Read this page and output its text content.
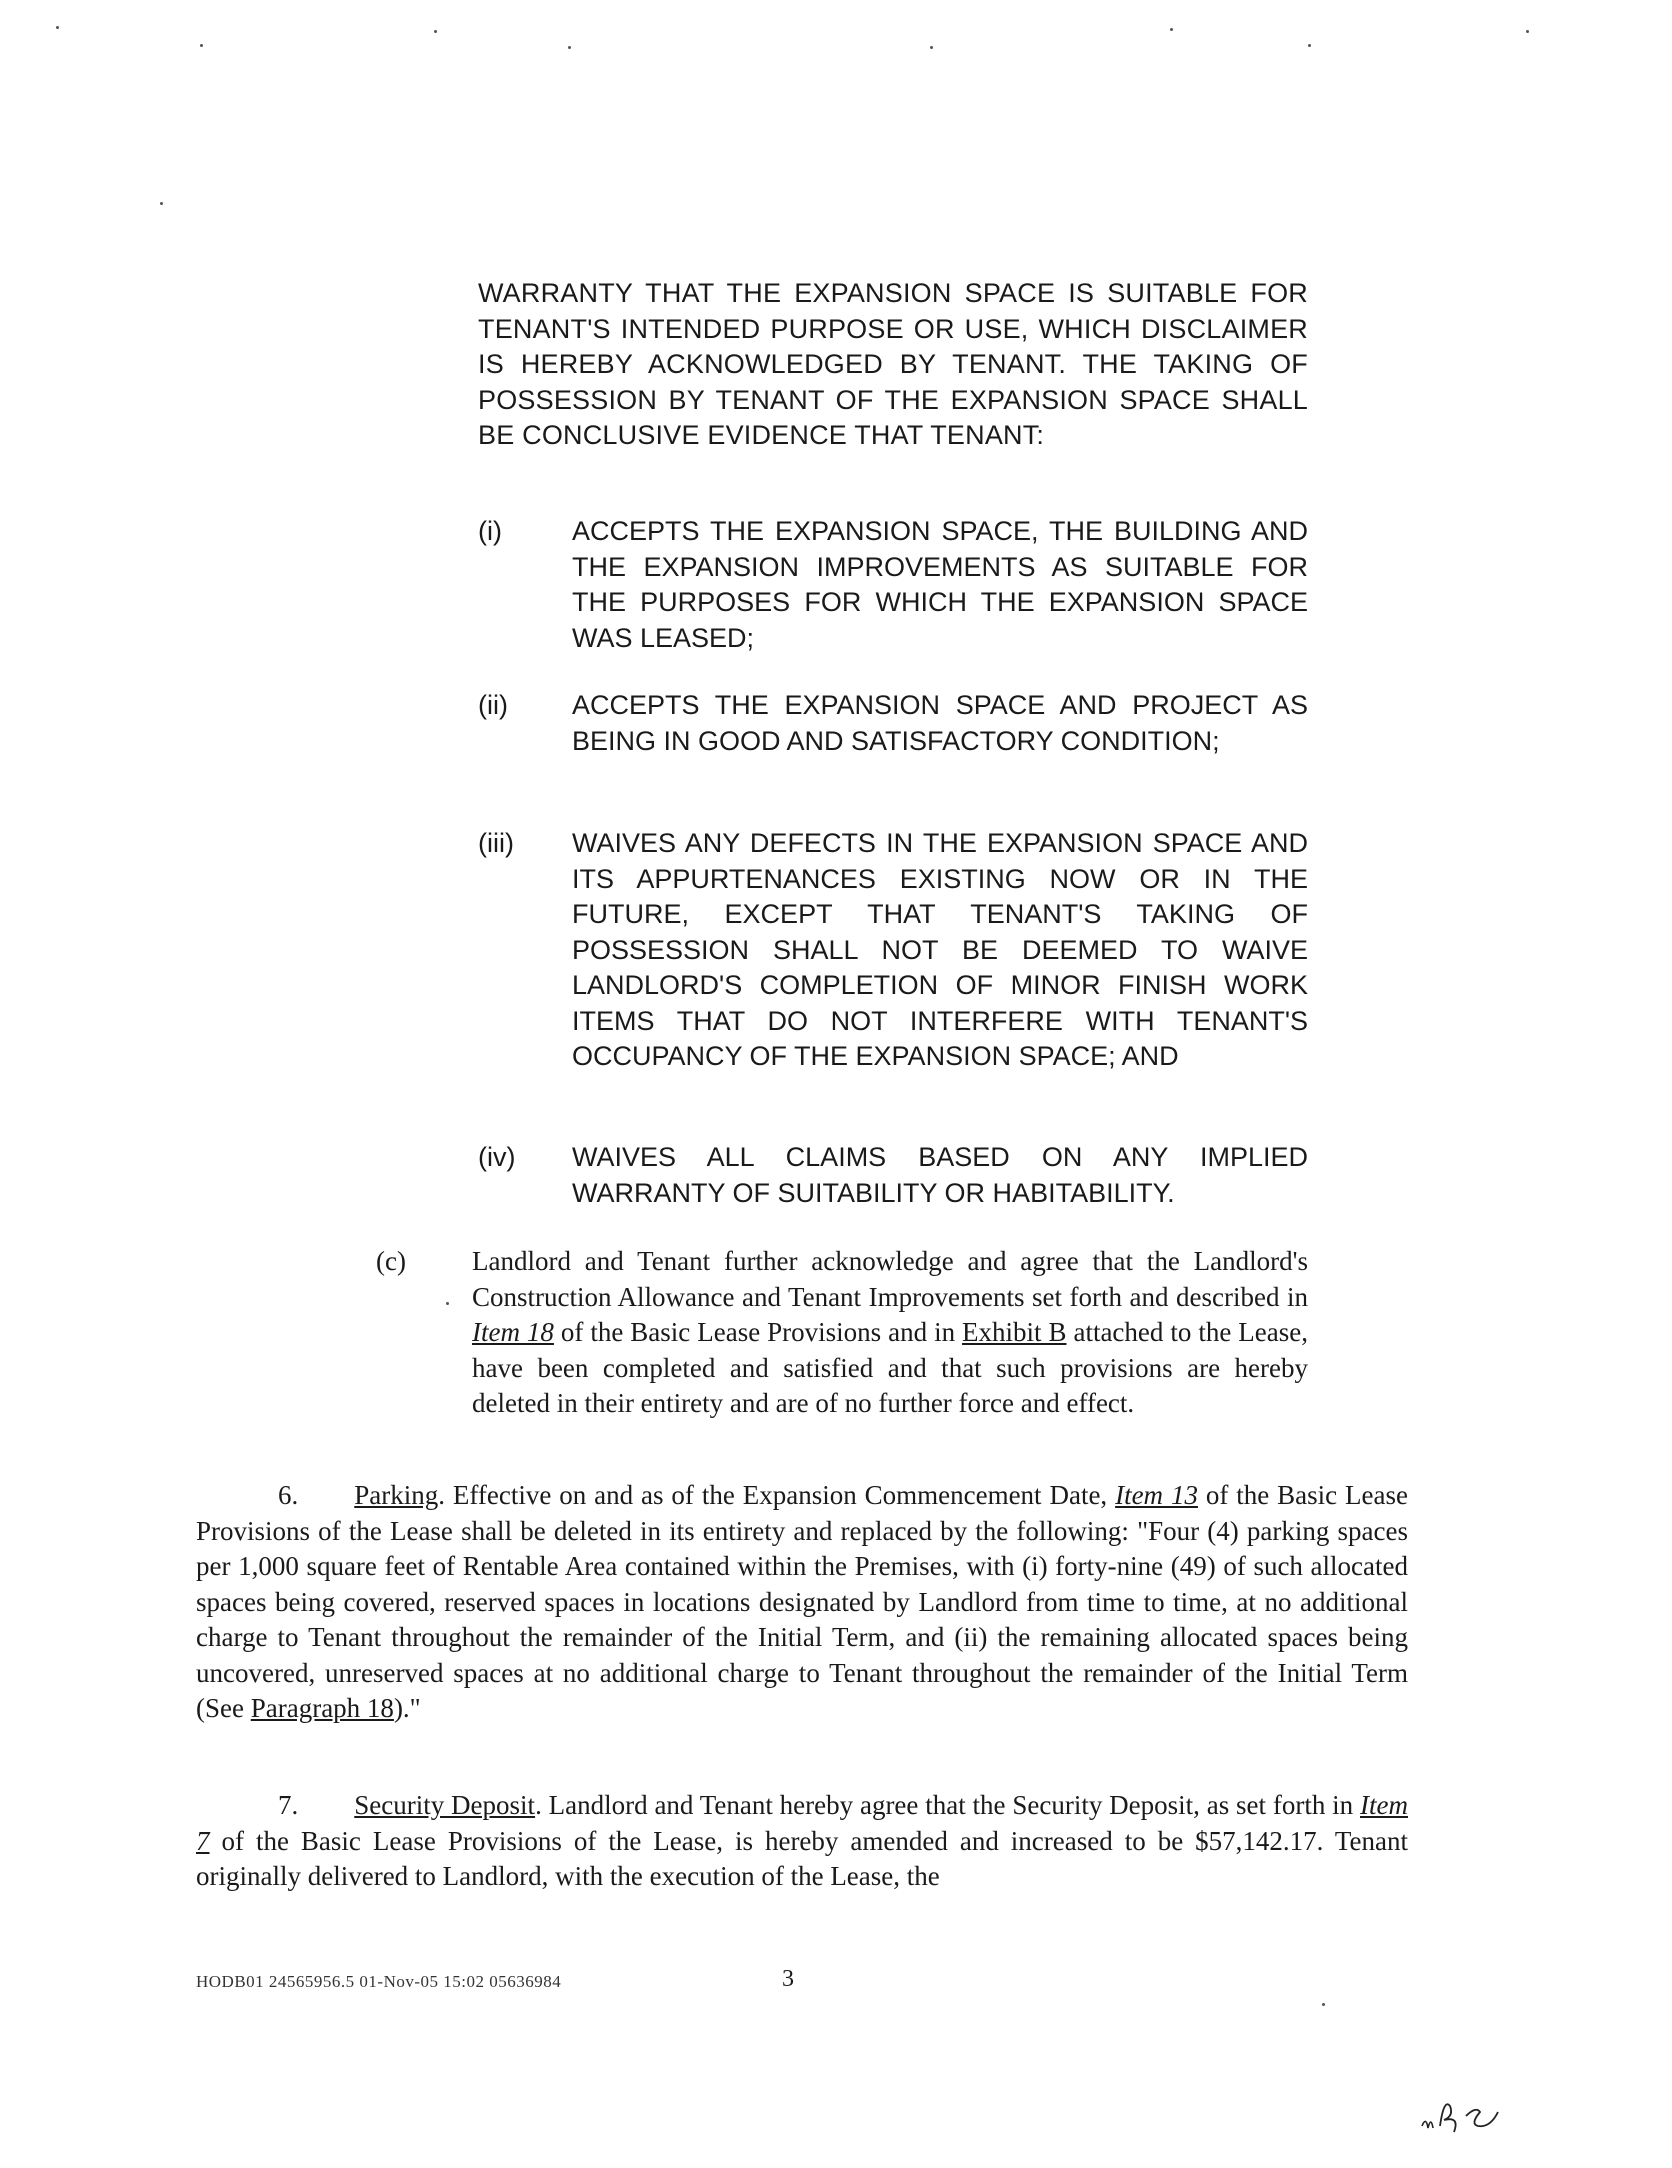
WARRANTY THAT THE EXPANSION SPACE IS SUITABLE FOR TENANT'S INTENDED PURPOSE OR USE, WHICH DISCLAIMER IS HEREBY ACKNOWLEDGED BY TENANT. THE TAKING OF POSSESSION BY TENANT OF THE EXPANSION SPACE SHALL BE CONCLUSIVE EVIDENCE THAT TENANT:

(i)	ACCEPTS THE EXPANSION SPACE, THE BUILDING AND THE EXPANSION IMPROVEMENTS AS SUITABLE FOR THE PURPOSES FOR WHICH THE EXPANSION SPACE WAS LEASED;
(ii)	ACCEPTS THE EXPANSION SPACE AND PROJECT AS BEING IN GOOD AND SATISFACTORY CONDITION;
(iii)	WAIVES ANY DEFECTS IN THE EXPANSION SPACE AND ITS APPURTENANCES EXISTING NOW OR IN THE FUTURE, EXCEPT THAT TENANT'S TAKING OF POSSESSION SHALL NOT BE DEEMED TO WAIVE LANDLORD'S COMPLETION OF MINOR FINISH WORK ITEMS THAT DO NOT INTERFERE WITH TENANT'S OCCUPANCY OF THE EXPANSION SPACE; AND
(iv)	WAIVES ALL CLAIMS BASED ON ANY IMPLIED WARRANTY OF SUITABILITY OR HABITABILITY.
(c) Landlord and Tenant further acknowledge and agree that the Landlord's Construction Allowance and Tenant Improvements set forth and described in Item 18 of the Basic Lease Provisions and in Exhibit B attached to the Lease, have been completed and satisfied and that such provisions are hereby deleted in their entirety and are of no further force and effect.
6. Parking. Effective on and as of the Expansion Commencement Date, Item 13 of the Basic Lease Provisions of the Lease shall be deleted in its entirety and replaced by the following: "Four (4) parking spaces per 1,000 square feet of Rentable Area contained within the Premises, with (i) forty-nine (49) of such allocated spaces being covered, reserved spaces in locations designated by Landlord from time to time, at no additional charge to Tenant throughout the remainder of the Initial Term, and (ii) the remaining allocated spaces being uncovered, unreserved spaces at no additional charge to Tenant throughout the remainder of the Initial Term (See Paragraph 18)."
7. Security Deposit. Landlord and Tenant hereby agree that the Security Deposit, as set forth in Item 7 of the Basic Lease Provisions of the Lease, is hereby amended and increased to be $57,142.17. Tenant originally delivered to Landlord, with the execution of the Lease, the
HODB01 24565956.5 01-Nov-05 15:02 05636984	3
